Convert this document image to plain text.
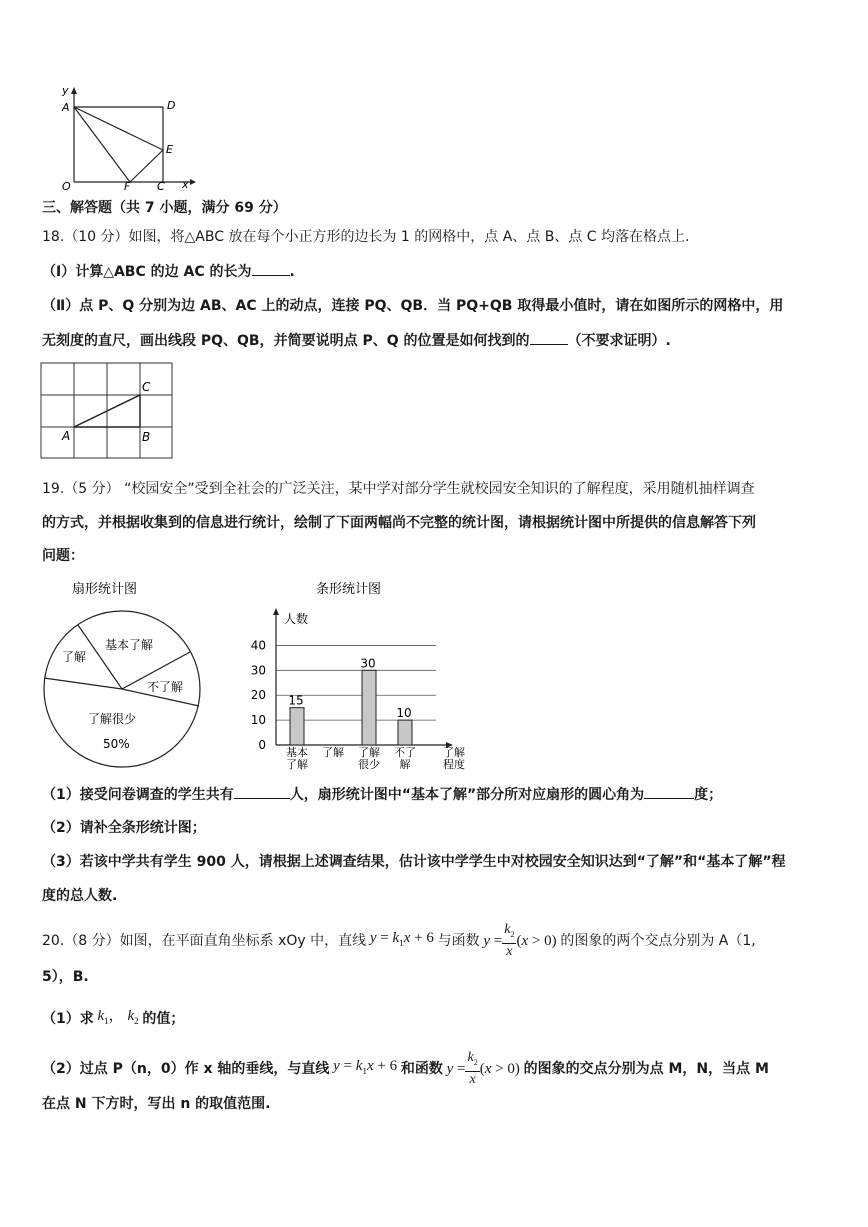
y
A	D
E
O	F C x
三、解答题（共 7 小题，满分 69 分）
18.（10 分）如图，将△ABC 放在每个小正方形的边长为 1 的网格中，点 A、点 B、点 C 均落在格点上.
（Ⅰ）计算△ABC 的边 AC 的长为	.
（Ⅱ）点 P、Q 分别为边 AB、AC 上的动点，连接 PQ、QB．当 PQ+QB 取得最小值时，请在如图所示的网格中，用
无刻度的直尺，画出线段 PQ、QB，并简要说明点 P、Q 的位置是如何找到的	（不要求证明）.
A	B
C
19.（5 分） “校园安全”受到全社会的广泛关注，某中学对部分学生就校园安全知识的了解程度，采用随机抽样调查
的方式，并根据收集到的信息进行统计，绘制了下面两幅尚不完整的统计图，请根据统计图中所提供的信息解答下列
问题：
扇形统计图
基本了解
了解
不了解
了解很少
50%
条形统计图
人数
15
30
10
0
10
20
30
40
基本
了解
了解 了解
很少
不了
解
了解
程度
（1）接受问卷调查的学生共有	人，扇形统计图中“基本了解”部分所对应扇形的圆心角为	度；
（2）请补全条形统计图；
（3）若该中学共有学生 900 人，请根据上述调查结果，估计该中学学生中对校园安全知识达到“了解”和“基本了解”程
度的总人数.
20.（8 分）如图，在平面直角坐标系 xOy 中，直线 $y = k_1x + 6$ 与函数 $y = \frac{k_2}{x} (x > 0)$ 的图象的两个交点分别为 A（1,
5），B.
（1）求 $k_1$， $k_2$ 的值；
（2）过点 P（n，0）作 x 轴的垂线，与直线 $y = k_1x + 6$ 和函数 $y = \frac{k_2}{x} (x > 0)$ 的图象的交点分别为点 M，N，当点 M
在点 N 下方时，写出 n 的取值范围.
